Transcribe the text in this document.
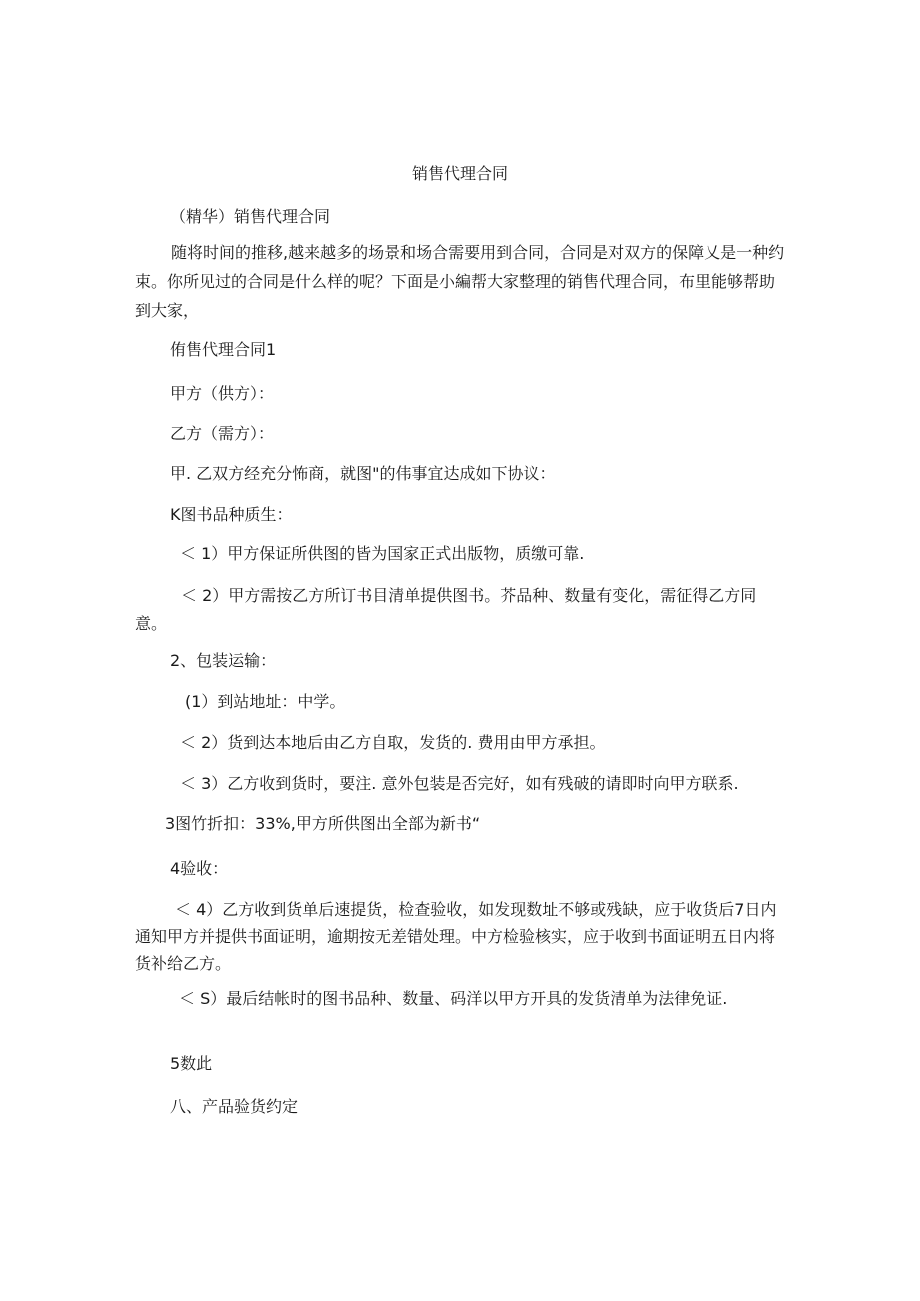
销售代理合同

（精华）销售代理合同

随将时间的推移,越来越多的场景和场合需要用到合同，合同是对双方的保障乂是一种约束。你所见过的合同是什么样的呢？下面是小編帮大家整理的销售代理合同，布里能够帮助到大家，

侑售代理合同1

甲方（供方）：

乙方（需方）：

甲. 乙双方经充分怖商，就图"的伟事宜达成如下协议：

K图书品种质生：

＜ 1）甲方保证所供图的皆为国家正式出版物，质缴可靠.

＜ 2）甲方需按乙方所订书目清单提供图书。芥品种、数量有变化，需征得乙方同意。

2、包装运输：

(1）到站地址：中学。

＜ 2）货到达本地后由乙方自取，发货的. 费用由甲方承担。

＜ 3）乙方收到货时，要注. 意外包装是否完好，如有残破的请即时向甲方联系.

3图竹折扣：33%,甲方所供图出全部为新书“

4验收：

＜ 4）乙方收到货单后速提货，检查验收，如发现数址不够或残缺，应于收货后7日内通知甲方并提供书面证明，逾期按无差错处理。中方检验核实，应于收到书面证明五日内将货补给乙方。

＜ S）最后结帐时的图书品种、数量、码洋以甲方开具的发货清单为法律免证.

5数此

八、产品验货约定
